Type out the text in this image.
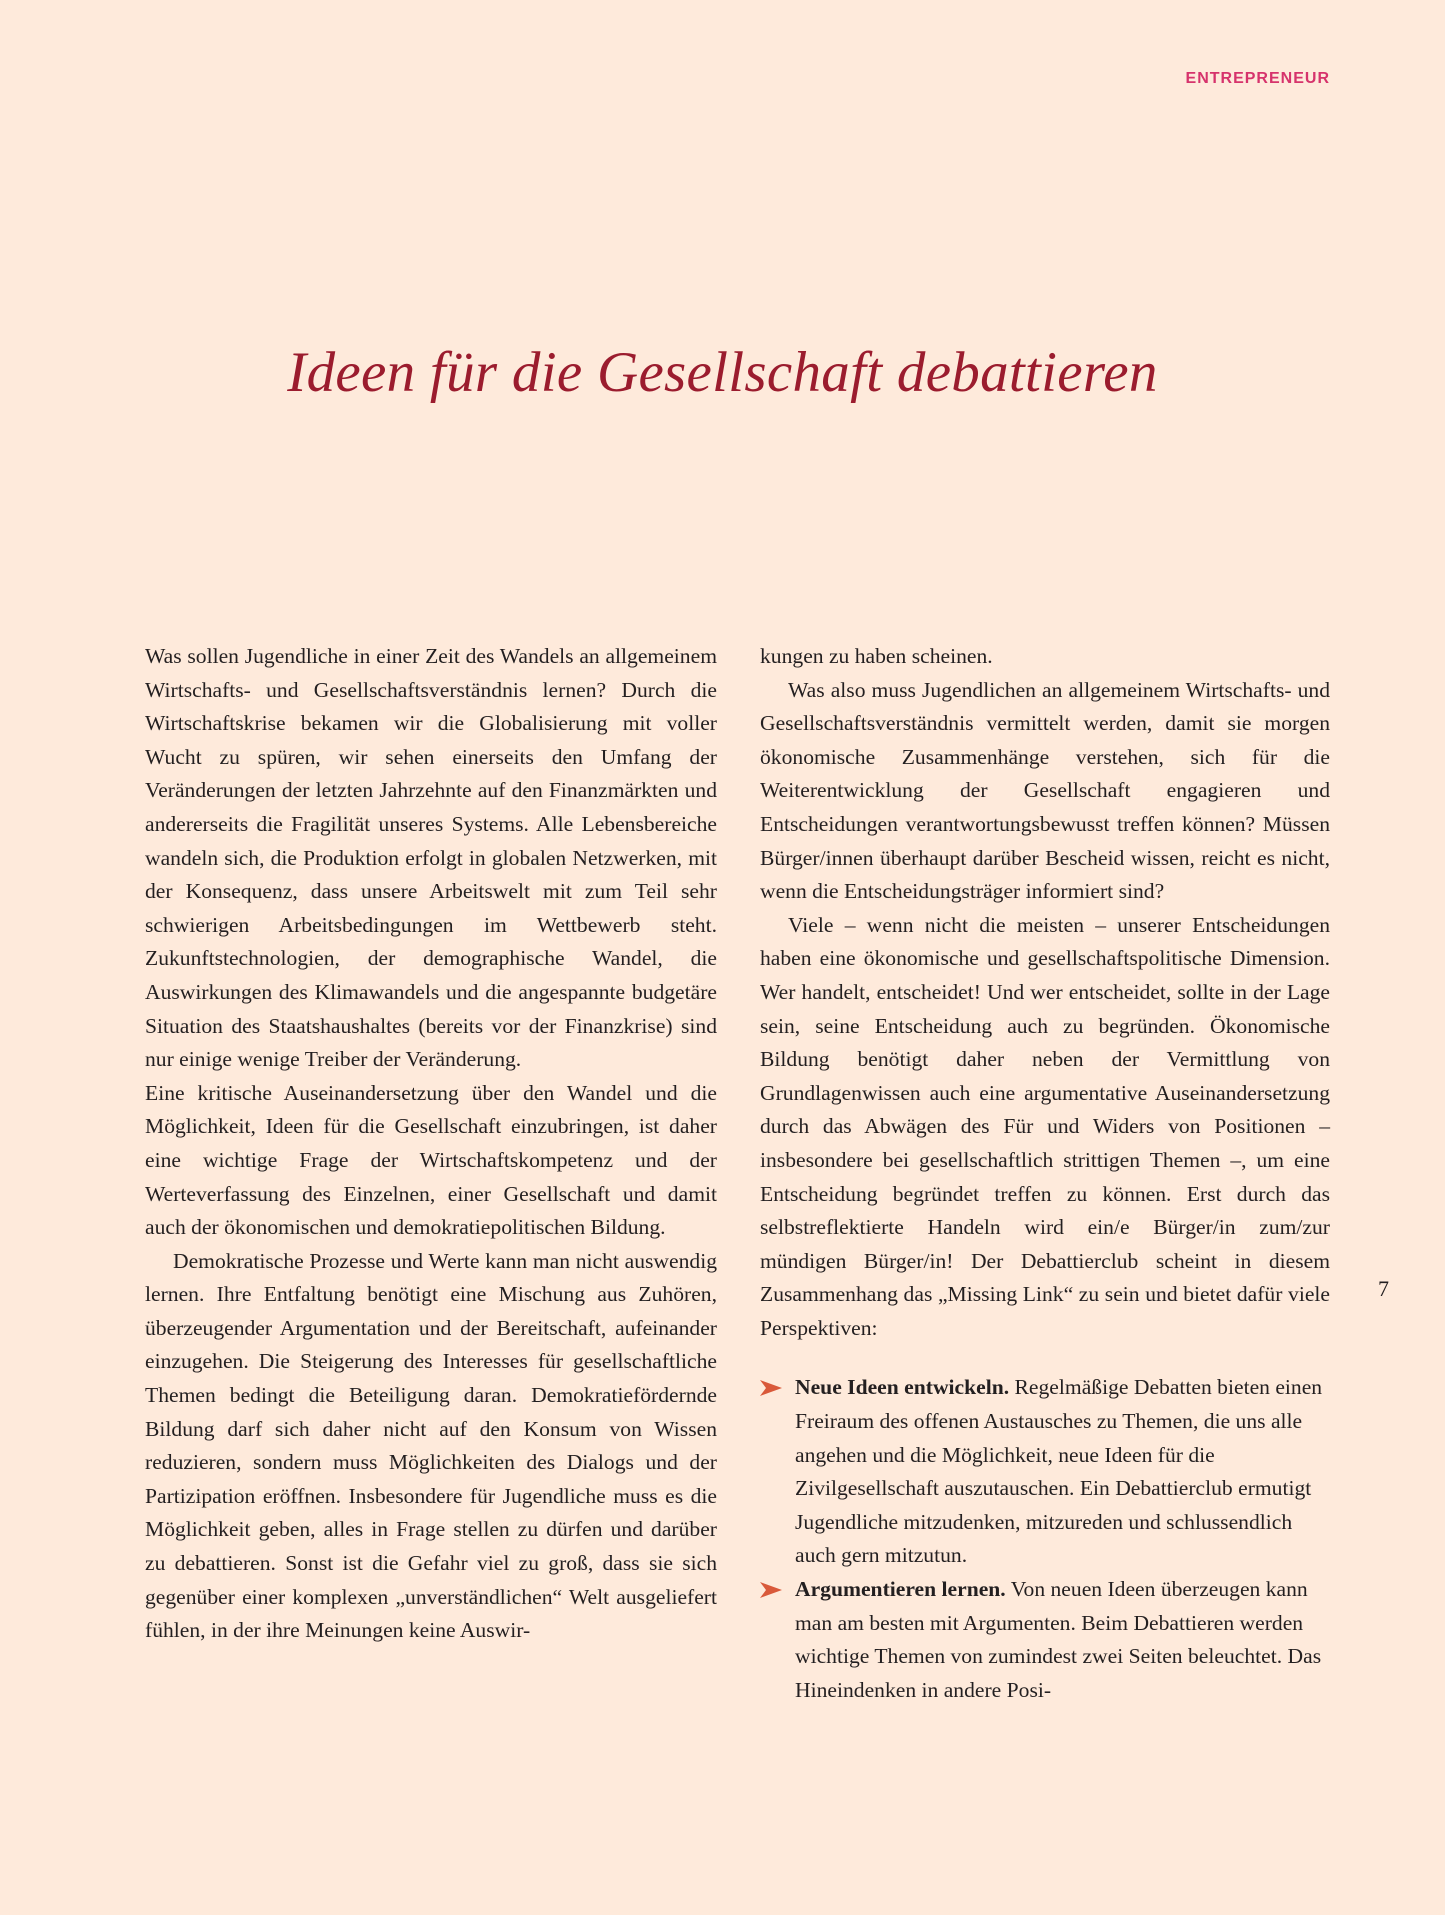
ENTREPRENEUR
Ideen für die Gesellschaft debattieren

Was sollen Jugendliche in einer Zeit des Wandels an allgemeinem Wirtschafts- und Gesellschaftsverständnis lernen? Durch die Wirtschaftskrise bekamen wir die Globalisierung mit voller Wucht zu spüren, wir sehen einerseits den Umfang der Veränderungen der letzten Jahrzehnte auf den Finanzmärkten und andererseits die Fragilität unseres Systems. Alle Lebensbereiche wandeln sich, die Produktion erfolgt in globalen Netzwerken, mit der Konsequenz, dass unsere Arbeitswelt mit zum Teil sehr schwierigen Arbeitsbedingungen im Wettbewerb steht. Zukunftstechnologien, der demographische Wandel, die Auswirkungen des Klimawandels und die angespannte budgetäre Situation des Staatshaushaltes (bereits vor der Finanzkrise) sind nur einige wenige Treiber der Veränderung.

Eine kritische Auseinandersetzung über den Wandel und die Möglichkeit, Ideen für die Gesellschaft einzubringen, ist daher eine wichtige Frage der Wirtschaftskompetenz und der Werteverfassung des Einzelnen, einer Gesellschaft und damit auch der ökonomischen und demokratiepolitischen Bildung.

Demokratische Prozesse und Werte kann man nicht auswendig lernen. Ihre Entfaltung benötigt eine Mischung aus Zuhören, überzeugender Argumentation und der Bereitschaft, aufeinander einzugehen. Die Steigerung des Interesses für gesellschaftliche Themen bedingt die Beteiligung daran. Demokratiefördernde Bildung darf sich daher nicht auf den Konsum von Wissen reduzieren, sondern muss Möglichkeiten des Dialogs und der Partizipation eröffnen. Insbesondere für Jugendliche muss es die Möglichkeit geben, alles in Frage stellen zu dürfen und darüber zu debattieren. Sonst ist die Gefahr viel zu groß, dass sie sich gegenüber einer komplexen „unverständlichen“ Welt ausgeliefert fühlen, in der ihre Meinungen keine Auswir-

kungen zu haben scheinen.

Was also muss Jugendlichen an allgemeinem Wirtschafts- und Gesellschaftsverständnis vermittelt werden, damit sie morgen ökonomische Zusammenhänge verstehen, sich für die Weiterentwicklung der Gesellschaft engagieren und Entscheidungen verantwortungsbewusst treffen können? Müssen Bürger/innen überhaupt darüber Bescheid wissen, reicht es nicht, wenn die Entscheidungsträger informiert sind?

Viele – wenn nicht die meisten – unserer Entscheidungen haben eine ökonomische und gesellschaftspolitische Dimension. Wer handelt, entscheidet! Und wer entscheidet, sollte in der Lage sein, seine Entscheidung auch zu begründen. Ökonomische Bildung benötigt daher neben der Vermittlung von Grundlagenwissen auch eine argumentative Auseinandersetzung durch das Abwägen des Für und Widers von Positionen – insbesondere bei gesellschaftlich strittigen Themen –, um eine Entscheidung begründet treffen zu können. Erst durch das selbstreflektierte Handeln wird ein/e Bürger/in zum/zur mündigen Bürger/in! Der Debattierclub scheint in diesem Zusammenhang das „Missing Link“ zu sein und bietet dafür viele Perspektiven:

Neue Ideen entwickeln. Regelmäßige Debatten bieten einen Freiraum des offenen Austausches zu Themen, die uns alle angehen und die Möglichkeit, neue Ideen für die Zivilgesellschaft auszutauschen. Ein Debattierclub ermutigt Jugendliche mitzudenken, mitzureden und schlussendlich auch gern mitzutun.
Argumentieren lernen. Von neuen Ideen überzeugen kann man am besten mit Argumenten. Beim Debattieren werden wichtige Themen von zumindest zwei Seiten beleuchtet. Das Hineindenken in andere Posi-
7
